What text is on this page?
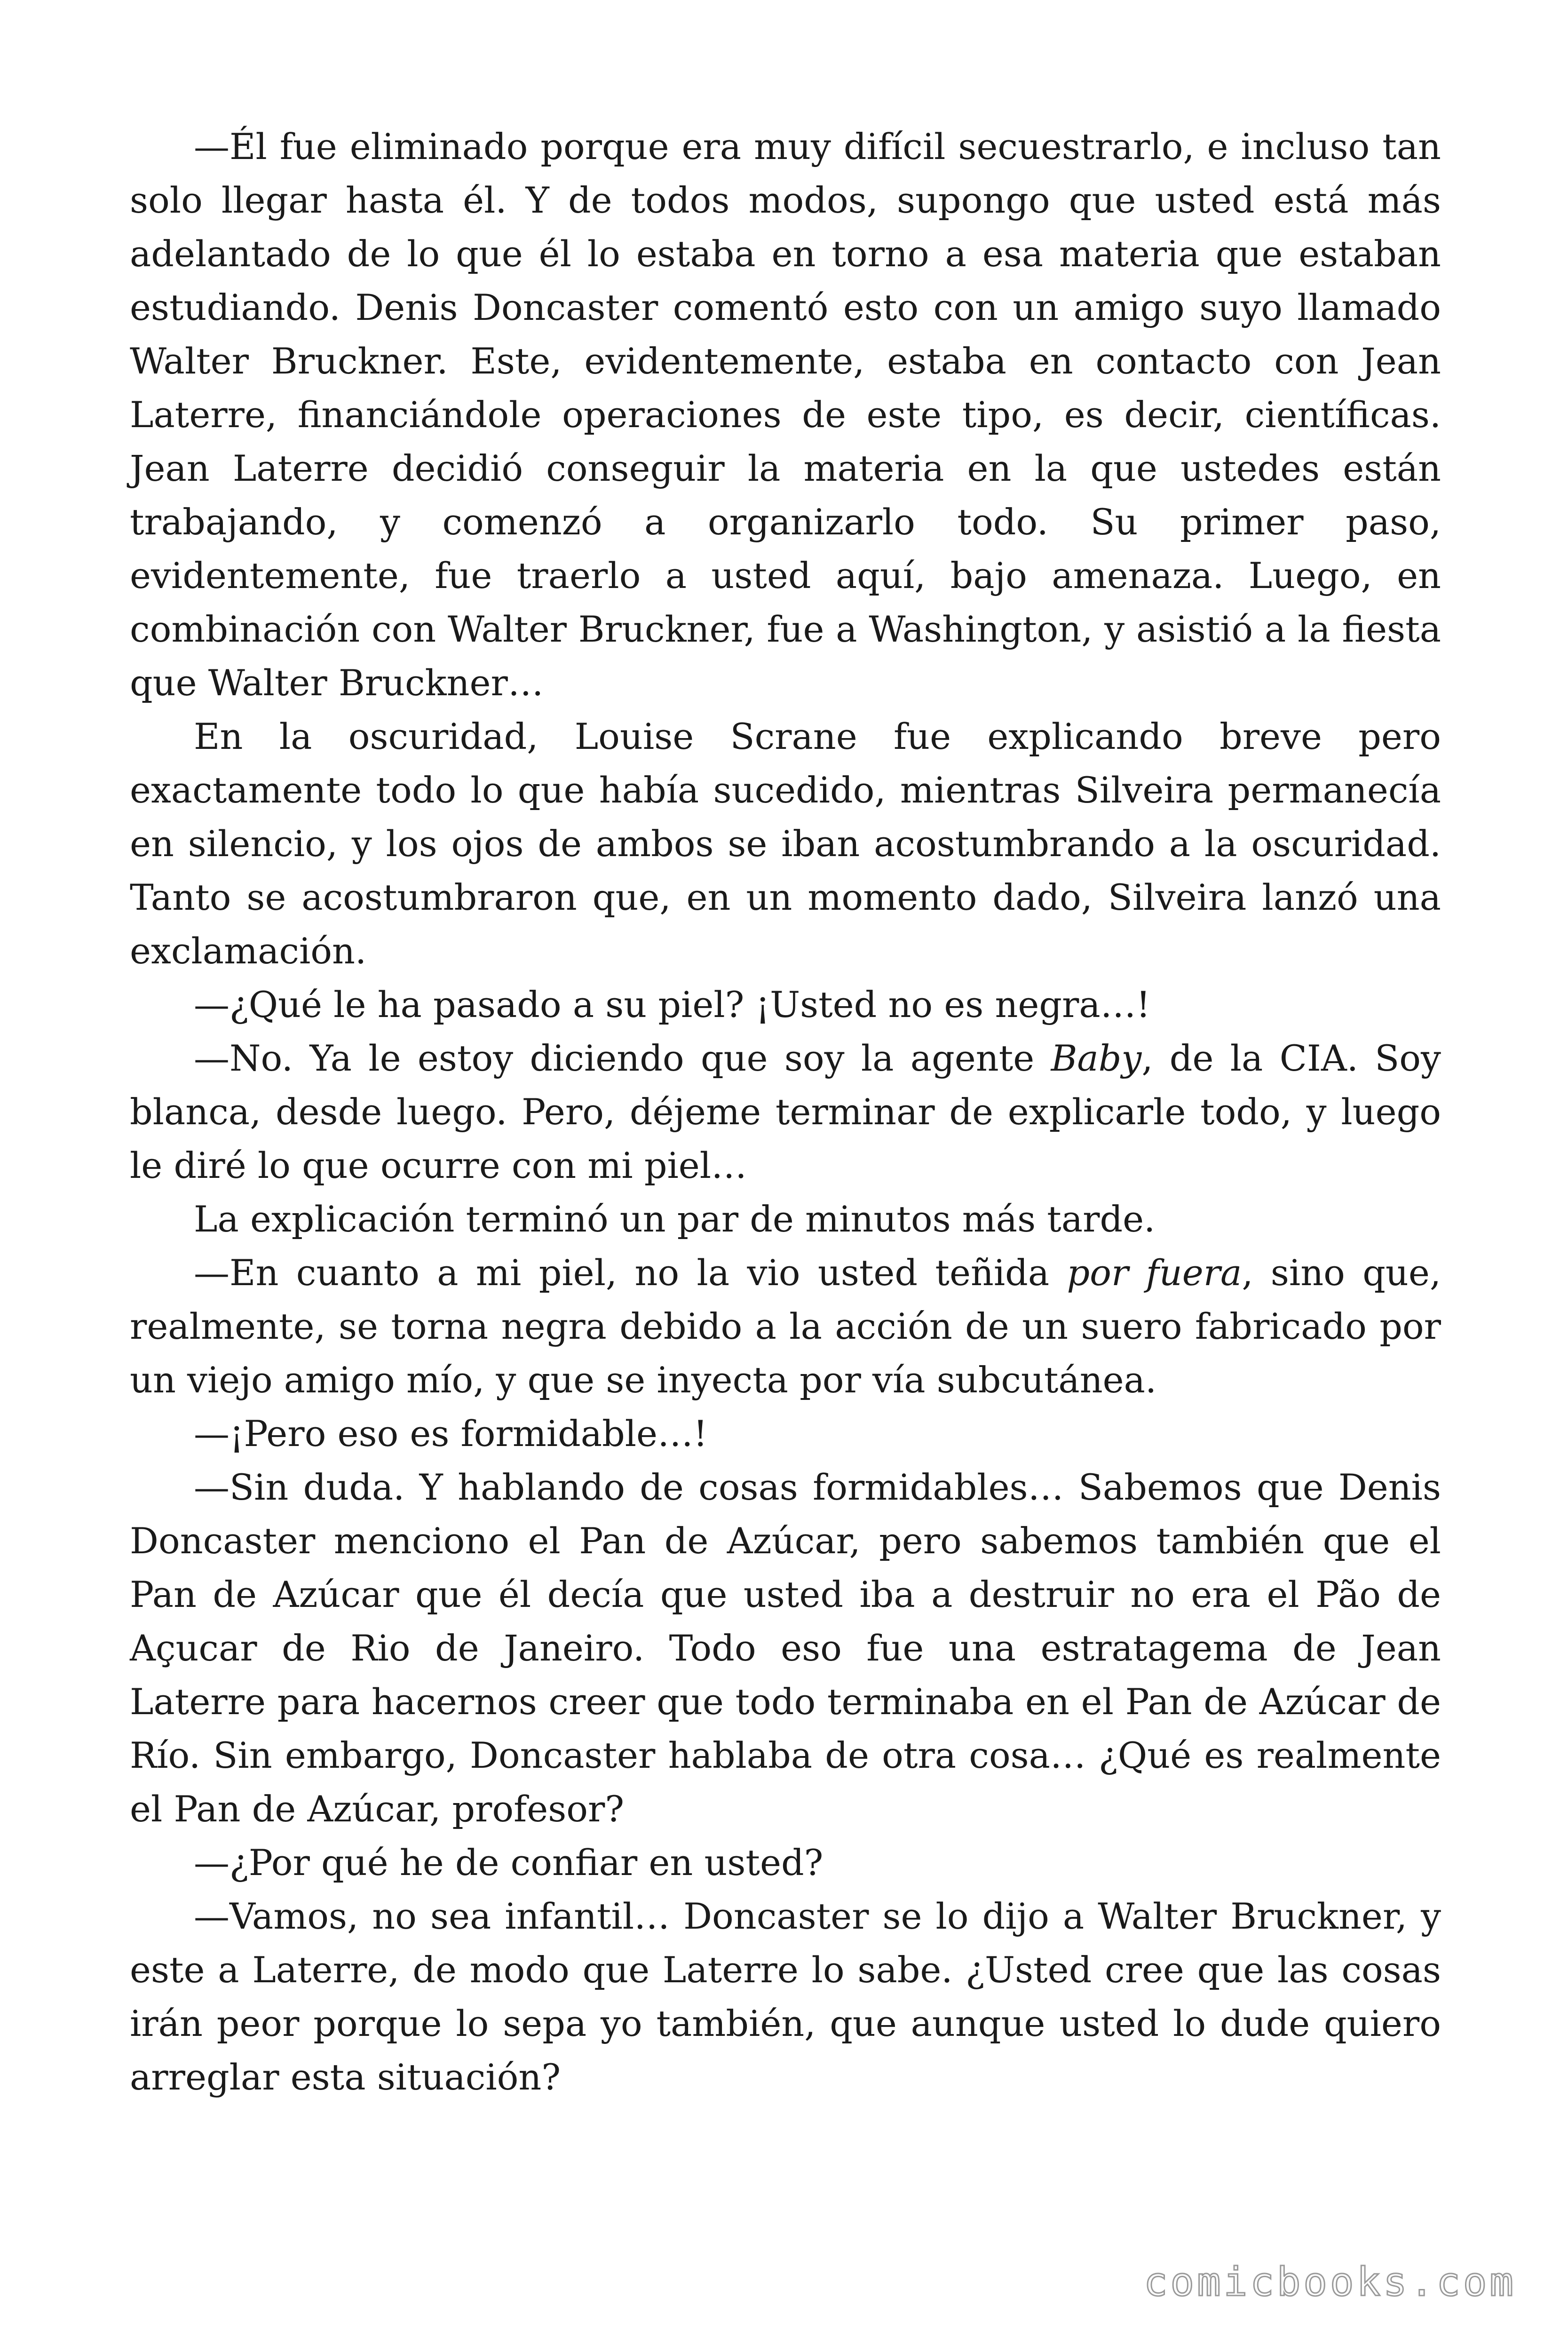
—Él fue eliminado porque era muy difícil secuestrarlo, e incluso tan solo llegar hasta él. Y de todos modos, supongo que usted está más adelantado de lo que él lo estaba en torno a esa materia que estaban estudiando. Denis Doncaster comentó esto con un amigo suyo llamado Walter Bruckner. Este, evidentemente, estaba en contacto con Jean Laterre, financiándole operaciones de este tipo, es decir, científicas. Jean Laterre decidió conseguir la materia en la que ustedes están trabajando, y comenzó a organizarlo todo. Su primer paso, evidentemente, fue traerlo a usted aquí, bajo amenaza. Luego, en combinación con Walter Bruckner, fue a Washington, y asistió a la fiesta que Walter Bruckner…

En la oscuridad, Louise Scrane fue explicando breve pero exactamente todo lo que había sucedido, mientras Silveira permanecía en silencio, y los ojos de ambos se iban acostumbrando a la oscuridad. Tanto se acostumbraron que, en un momento dado, Silveira lanzó una exclamación.

—¿Qué le ha pasado a su piel? ¡Usted no es negra…!

—No. Ya le estoy diciendo que soy la agente Baby, de la CIA. Soy blanca, desde luego. Pero, déjeme terminar de explicarle todo, y luego le diré lo que ocurre con mi piel…

La explicación terminó un par de minutos más tarde.

—En cuanto a mi piel, no la vio usted teñida por fuera, sino que, realmente, se torna negra debido a la acción de un suero fabricado por un viejo amigo mío, y que se inyecta por vía subcutánea.

—¡Pero eso es formidable…!

—Sin duda. Y hablando de cosas formidables… Sabemos que Denis Doncaster menciono el Pan de Azúcar, pero sabemos también que el Pan de Azúcar que él decía que usted iba a destruir no era el Pão de Açucar de Rio de Janeiro. Todo eso fue una estratagema de Jean Laterre para hacernos creer que todo terminaba en el Pan de Azúcar de Río. Sin embargo, Doncaster hablaba de otra cosa… ¿Qué es realmente el Pan de Azúcar, profesor?

—¿Por qué he de confiar en usted?

—Vamos, no sea infantil… Doncaster se lo dijo a Walter Bruckner, y este a Laterre, de modo que Laterre lo sabe. ¿Usted cree que las cosas irán peor porque lo sepa yo también, que aunque usted lo dude quiero arreglar esta situación?

comicbooks.com
